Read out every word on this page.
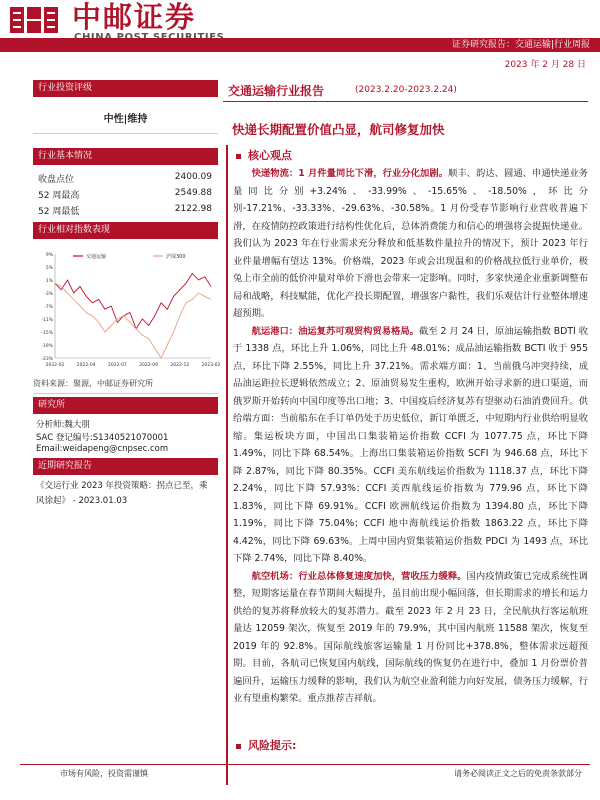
中邮证券
证券研究报告：交通运输|行业周报
2023 年 2 月 28 日
行业投资评级
中性|维持
行业基本情况
收盘点位	2400.09
52 周最高	2549.88
52 周最低	2122.98
行业相对指数表现
9%
5%
1%
-3%
-7%
-11%
-15%
-19%
-23%
2022-02	2022-04	2022-07	2022-09	2022-12	2023-02
交通运输	沪深300
资料来源：聚源，中邮证券研究所
研究所
分析师:魏大朋
SAC 登记编号:S1340521070001
Email:weidapeng@cnpsec.com
近期研究报告
《交运行业 2023 年投资策略：拐点已至，乘风徐起》 - 2023.01.03
交通运输行业报告	(2023.2.20-2023.2.24)
快递长期配置价值凸显，航司修复加快
核心观点

快递物流：1 月件量同比下滑，行业分化加剧。顺丰、韵达、圆通、申通快递业务量同比分别+3.24%、-33.99%、-15.65%、-18.50%，环比分别-17.21%、-33.33%、-29.63%、-30.58%。1 月份受春节影响行业营收普遍下滑，在疫情防控政策进行结构性优化后，总体消费能力和信心的增强将会提振快递业。我们认为 2023 年在行业需求充分释放和低基数件量拉升的情况下，预计 2023 年行业件量增幅有望达 13%。价格端，2023 年或会出现温和的价格战拉低行业单价，极兔上市全前的低价冲量对单价下滑也会带来一定影响。同时，多家快递企业重新调整布局和战略，科技赋能，优化产投长期配置，增强客户黏性，我们乐观估计行业整体增速超预期。

航运港口：油运复苏可观贸构贸易格局。截至 2 月 24 日，原油运输指数 BDTI 收于 1338 点，环比上升 1.06%，同比上升 48.01%；成品油运输指数 BCTI 收于 955 点，环比下降 2.55%，同比上升 37.21%。需求端方面：1、当前俄乌冲突持续，成品油运距拉长逻辑依然成立；2、原油贸易发生重构，欧洲开始寻求新的进口渠道，而俄罗斯开始转向中国印度等出口地；3、中国疫后经济复苏有望驱动石油消费回升。供给端方面：当前船东在手订单仍处于历史低位，新订单匮乏，中短期内行业供给明显收缩。集运板块方面，中国出口集装箱运价指数 CCFI 为 1077.75 点，环比下降 1.49%，同比下降 68.54%。上海出口集装箱运价指数 SCFI 为 946.68 点，环比下降 2.87%，同比下降 80.35%。CCFI 美东航线运价指数为 1118.37 点，环比下降 2.24%，同比下降 57.93%；CCFI 美西航线运价指数为 779.96 点，环比下降 1.83%，同比下降 69.91%。CCFI 欧洲航线运价指数为 1394.80 点，环比下降 1.19%，同比下降 75.04%；CCFI 地中海航线运价指数 1863.22 点，环比下降 4.42%，同比下降 69.63%。上周中国内贸集装箱运价指数 PDCI 为 1493 点，环比下降 2.74%，同比下降 8.40%。

航空机场：行业总体修复速度加快，营收压力缓释。国内疫情政策已完成系统性调整，短期客运量在春节期间大幅提升，虽目前出现小幅回落，但长期需求的增长和运力供给的复苏将释放较大的复苏潜力。截至 2023 年 2 月 23 日，全民航执行客运航班量达 12059 架次，恢复至 2019 年的 79.9%，其中国内航班 11588 架次，恢复至 2019 年的 92.8%。国际航线旅客运输量 1 月份同比+378.8%，整体需求远超预期。目前，各航司已恢复国内航线，国际航线的恢复仍在进行中，叠加 1 月份票价普遍回升，运输压力缓释的影响，我们认为航空业盈利能力向好发展，债务压力缓解，行业有望重构繁荣。重点推荐吉祥航。

风险提示:
市场有风险，投资需谨慎	请务必阅读正文之后的免责条款部分
